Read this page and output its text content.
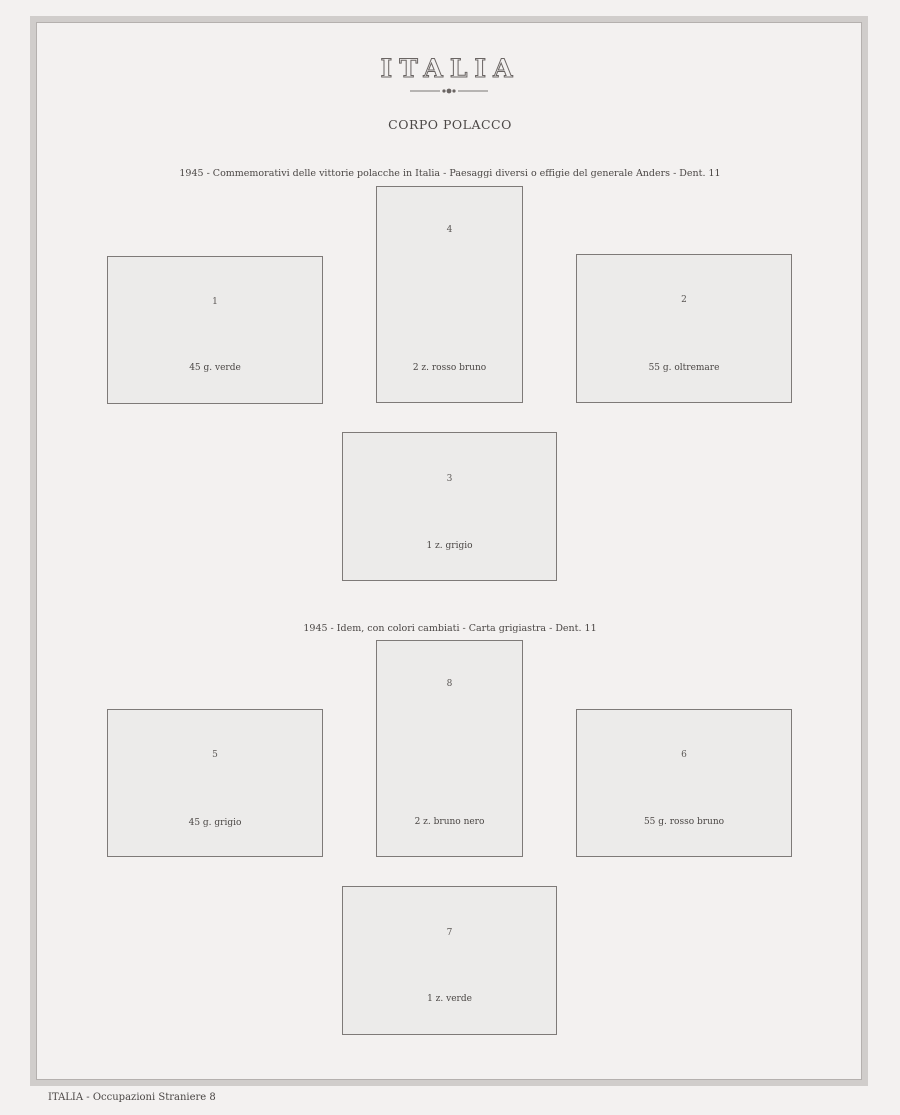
ITALIA
CORPO POLACCO
1945 - Commemorativi delle vittorie polacche in Italia - Paesaggi diversi o effigie del generale Anders - Dent. 11
4
2 z. rosso bruno
1
45 g. verde
2
55 g. oltremare
3
1 z. grigio
1945 - Idem, con colori cambiati - Carta grigiastra - Dent. 11
8
2 z. bruno nero
5
45 g. grigio
6
55 g. rosso bruno
7
1 z. verde
ITALIA - Occupazioni Straniere 8
